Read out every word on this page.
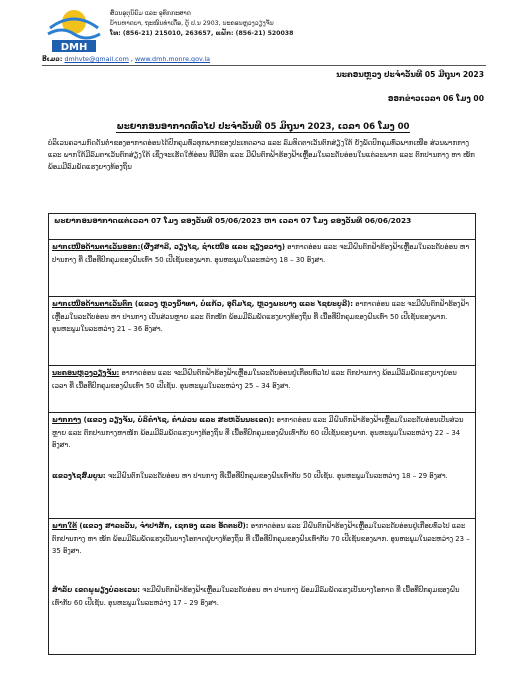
DMH
ສົ່ວນອຸຕຸນິຍົມ ແລະ ອຸທົກກະສາດ
ບ້ານຫາດບາ, ຖະໜົນທ່າເດື່ອ, ຕູ້ ປ.ນ 2903, ນະຄອນຫຼວງວຽງຈັນ
ໂທ: (856-21) 215010, 263657, ແຟັກ: (856-21) 520038
ອີເມວ: dmhvte@gmail.com , www.dmh.monre.gov.la
ນະຄອນຫຼວງ ປະຈຳວັນທີ 05 ມີຖຸນາ 2023
ອອກຂ່າວເວລາ 06 ໂມງ 00
ພະຍາກອນອາກາດທົ່ວໄປ ປະຈຳວັນທີ 05 ມິຖຸນາ 2023, ເວລາ 06 ໂມງ 00
ບໍລິເວນຄວາມກົດດັນຕ່ຳຂອງອາກາດອ່ອນໄດ້ປົກຄຸມທົ່ວທຸກພາກຂອງປະເທດລາວ ແລະ ລົມທິດຕາເວັນຕົກສ່ຽງໃຕ້ ຍັງພັດປົກຄຸມທົ່ວພາກເໜືອ ສ່ວນພາກກາງ ແລະ ພາກໃຕ້ມີລົມຕາເວັນຕົກສ່ຽງໃຕ້ ເຊິ່ງຈະເຮັດໃຫ້ອ່ອນ ທີ່ມີອີກ ແລະ ມີຝົນຕົກຟ້າຮ້ອງຟ້າເຫຼື້ອມໃນລະດັບອ່ອນໃນແຕ່ລະພາກ ແລະ ຕົກປານກາງ ຫາ ໜັກພ້ອມມີລົມພັດແຮງບາງທ້ອງຖິ່ນ
ພະຍາກອນອາກາດແຕ່ເວລາ 07 ໂມງ ຂອງວັນທີ 05/06/2023 ຫາ ເວລາ 07 ໂມງ ຂອງວັນທີ 06/06/2023
ພາກເໜືອດ້ານຕາເວັນອອກ:(ຜົ້ງສາລີ, ວຽງໄຊ, ຊຳເໜືອ ແລະ ຊຽງຂວາງ) ອາກາດອ່ອນ ແລະ ຈະມີຝົນຕົກຟ້າຮ້ອງຟ້າເຫຼື້ອມໃນລະດັບອ່ອນ ຫາ ປານກາງ ທີ່ ເນື້ອທີ່ປົກຄຸມຂອງຝົນເທົ່າ 50 ເປີເຊັນຂອງພາກ. ອຸນຫະພູມໃນລະຫວ່າງ 18 – 30 ອົງສາ.
ພາກເໜືອດ້ານຕາເວັນຕົກ (ແຂວງ ຫຼວງນໍ້າທາ, ບໍ່ແກ້ວ, ອຸດົມໄຊ, ຫຼວງພະບາງ ແລະ ໄຊຍະບູລີ): ອາກາດອ່ອນ ແລະ ຈະມີຝົນຕົກຟ້າຮ້ອງຟ້າເຫຼື້ອມໃນລະດັບອ່ອນ ຫາ ປານກາງ ເປັນສ່ວນຫຼາຍ ແລະ ຕົກໜັກ ພ້ອມມີລົມພັດແຮງບາງທ້ອງຖິ່ນ ທີ່ ເນື້ອທີ່ປົກຄຸມຂອງຝົນເທົ່າ 50 ເປີເຊັນຂອງພາກ. ອຸນຫະພູມໃນລະຫວ່າງ 21 – 36 ອົງສາ.
ນະຄອນຫຼວງວຽງຈັນ: ອາກາດອ່ອນ ແລະ ຈະມີຝົນຕົກຟ້າຮ້ອງຟ້າເຫຼື້ອມໃນລະດັບອ່ອນຢູ່ເກືອບທົ່ວໄປ ແລະ ຕົກປານກາງ ພ້ອມມີລົມພັດແຮງບາງບ່ອນເວລາ ທີ່ ເນື້ອທີ່ປົກຄຸມຂອງຝົນເທົ່າ 50 ເປີເຊັນ. ອຸນຫະພູມໃນລະຫວ່າງ 25 – 34 ອົງສາ.
ພາກກາງ (ແຂວງ ວຽງຈັນ, ບໍລິຄຳໄຊ, ຄຳມ່ວນ ແລະ ສະຫວັນນະເຂດ): ອາກາດອ່ອນ ແລະ ມີຝົນຕົກຟ້າຮ້ອງຟ້າເຫຼື້ອມໃນລະດັບອ່ອນເປັນສ່ວນຫຼາຍ ແລະ ຕົກປານກາງຫາໜັກ ພ້ອມມີລົມພັດແຮງບາງທ້ອງຖິ່ນ ທີ່ ເນື້ອທີ່ປົກຄຸມຂອງຝົນເທົ່າກັບ 60 ເປີເຊັນຂອງພາກ. ອຸນຫະພູມໃນລະຫວ່າງ 22 – 34 ອົງສາ.
ແຂວງໄຊສົມບູນ: ຈະມີຝົນຕົກໃນລະດັບອ່ອນ ຫາ ປານກາງ ທີ່ເນື້ອທີ່ປົກຄຸມຂອງຝົນເທົ່າກັບ 50 ເປີເຊັນ. ອຸນຫະພູມໃນລະຫວ່າງ 18 – 29 ອົງສາ.
ພາກໃຕ້ (ແຂວງ ສາລະວັນ, ຈຳປາສັກ, ເຊກອງ ແລະ ອັດຕະປື): ອາກາດອ່ອນ ແລະ ມີຝົນຕົກຟ້າຮ້ອງຟ້າເຫຼື້ອມໃນລະດັບອ່ອນຢູ່ເກືອບທົ່ວໄປ ແລະ ຕົກປານກາງ ຫາ ໜັກ ພ້ອມມີລົມພັດແຮງເປັນບາງໂອກາດຢູ່ບາງທ້ອງຖິ່ນ ທີ່ ເນື້ອທີ່ປົກຄຸມຂອງຝົນເທົ່າກັບ 70 ເປີເຊັນຂອງພາກ. ອຸນຫະພູມໃນລະຫວ່າງ 23 – 35 ອົງສາ.
ສຳລັບ ເຂດພູພຽງບໍລະເວນ: ຈະມີຝົນຕົກຟ້າຮ້ອງຟ້າເຫຼື້ອມໃນລະດັບອ່ອນ ຫາ ປານກາງ ພ້ອມມີລົມພັດແຮງເປັນບາງໂອກາດ ທີ່ ເນື້ອທີ່ປົກຄຸມຂອງຝົນເທົ່າກັບ 60 ເປີເຊັນ. ອຸນຫະພູມໃນລະຫວ່າງ 17 – 29 ອົງສາ.
